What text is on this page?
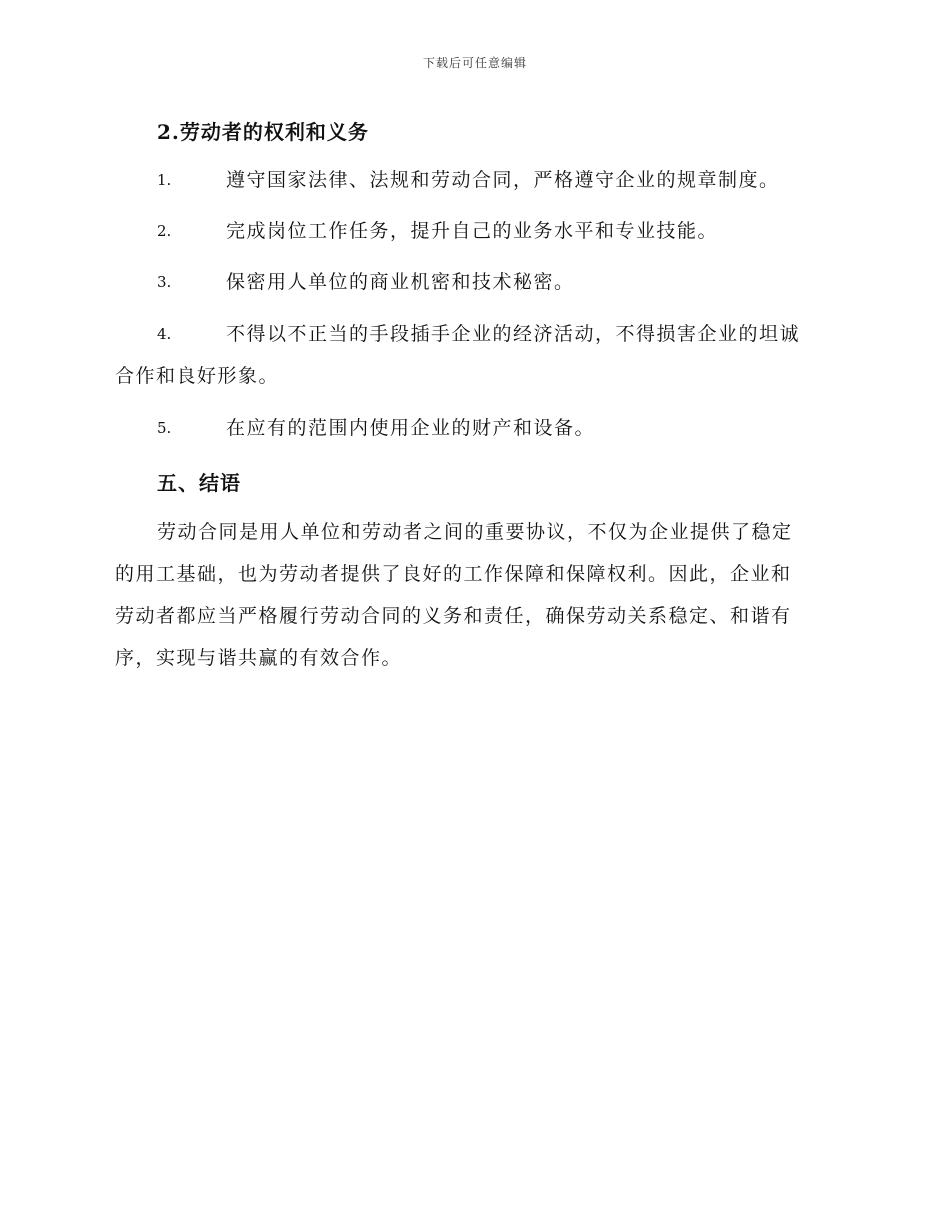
下载后可任意编辑
2.劳动者的权利和义务
1.	遵守国家法律、法规和劳动合同，严格遵守企业的规章制度。
2.	完成岗位工作任务，提升自己的业务水平和专业技能。
3.	保密用人单位的商业机密和技术秘密。
4.	不得以不正当的手段插手企业的经济活动，不得损害企业的坦诚
合作和良好形象。
5.	在应有的范围内使用企业的财产和设备。
五、结语
劳动合同是用人单位和劳动者之间的重要协议，不仅为企业提供了稳定
的用工基础，也为劳动者提供了良好的工作保障和保障权利。因此，企业和
劳动者都应当严格履行劳动合同的义务和责任，确保劳动关系稳定、和谐有
序，实现与谐共赢的有效合作。
